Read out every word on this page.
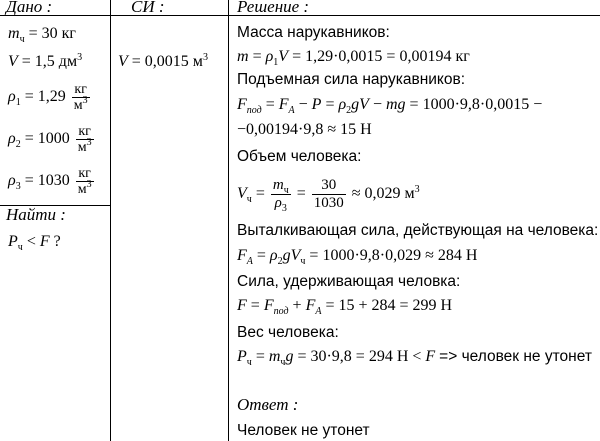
Дано :
$m_ч = 30$ кг
V = 1,5 $дм^3$
$\rho_1 = 1,29 \frac{кг}{м^3}$
$\rho_2 = 1000 \frac{кг}{м^3}$
$\rho_3 = 1030 \frac{кг}{м^3}$
Найти :
$P_ч < F$ ?
СИ :
V = 0,0015 $м^3$
Решение :
Масса нарукавников:
$m = \rho_1V = 1,29\cdot 0,0015 = 0,00194$ кг
Подъемная сила нарукавников:
$F_{под} = F_A - P = \rho_2gV$ − mg = 1000·9,8·0,0015 −
−0,00194·9,8 ≈ 15 Н
Объем человека:
$V_ч = \frac{m_ч}{\rho_3} = \frac{30}{1030} \approx 0,029$ $м^3$
Выталкивающая сила, действующая на человека:
$F_A = \rho_2gV_ч = 1000\cdot 9,8\cdot 0,029 \approx 284$ Н
Сила, удерживающая человка:
$F = F_{под} + F_A = 15 + 284 = 299$ Н
Вес человека:
$P_ч = m_чg = 30\cdot 9,8 = 294$ Н < F => человек не утонет
Ответ :
Человек не утонет
